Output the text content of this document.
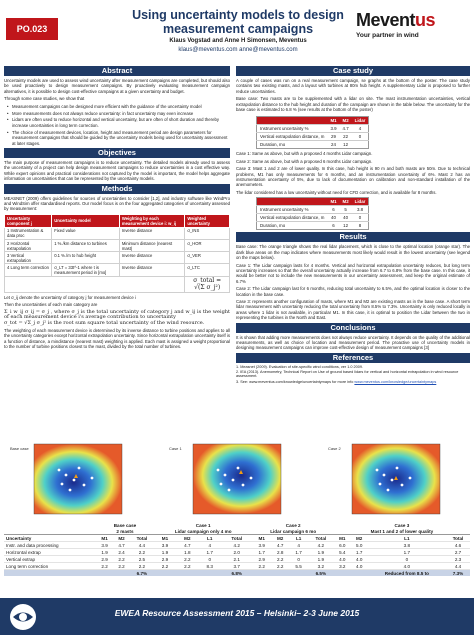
PO.023
Using uncertainty models to design measurement campaigns
Klaus Vogstad and Anne H Simonsen, Meventus
klaus@meventus.com anne@meventus.com
Meventus
Your partner in wind
Abstract

Uncertainty models are used to assess wind uncertainty after measurement campaigns are completed, but should also be used proactively to design measurement campaigns. By proactively evaluating measurement campaign alternatives, it is possible to design cost-effective campaigns at a given uncertainty and budget.

Through some case studies, we show that

• Measurement campaigns can be designed more efficient with the guidance of the uncertainty model
• More measurements does not always reduce uncertainty: in fact uncertainty may even increase
• Lidars are often used to reduce horizontal and vertical uncertainty, but are often of short duration and thereby increase uncertainties in long term correction.
• The choice of measurement devices, location, height and measurement period are design parameters for measurement campaigns that should be guided by the uncertainty models being used for uncertainty assessment at later stages.
Objectives

The main purpose of measurement campaigns is to reduce uncertainty. The detailed models already used to assess the uncertainty of a project can help design measurement campaigns to reduce uncertainties in a cost effective way. While expert opinions and practical considerations not captured by the model is important, the model helps aggregate information on uncertainties that can be represented by the uncertainty models.

Methods

MEASNET (2009) offers guidelines for sources of uncertainties to consider [1,2], and industry software like WindPro and WindSim offer standardised reports. Our model focus is on the four aggregated categories of uncertainty assessed by measurement:

Uncertainty component j	Uncertainty model	Weighting by each measurement device i: w_ij	Weighted uncertainty
1 Instrumentation & data proc	Fixed value	Inverse distance	σ_INS
2 Horizontal extrapolation	1 %./km distance to turbines	Minimum distance (nearest mast)	σ_HOR
3 Vertical extrapolation	0.1 %./m to hub height	Inverse distance	σ_VER
4 Long term correction	σ_LT = 33t^-1 where t is measurement period in [mo]	Inverse distance	σ_LTC
			σ_total = √(Σ σ_j²)

Let σ_ij denote the uncertainty of category j for measurement device i

Then the uncertainties of each main category are

Σ_i w_ij σ_ij = σ_j , where σ_j is the total uncertainty of category j and w_ij is the weight of each measurement device i's average contribution to uncertainty

σ_tot = √Σ_j σ_j² is the root sum square total uncertainty of the wind resource.

The weighting of each measurement device is determined by its inverse distance to turbine positions and applies to all the uncertainty categories except horizontal extrapolation uncertainty. Since horizontal extrapolation uncertainty itself is a function of distance, a mindistance (nearest mast) weighting is applied. Each mast is assigned a weight proportional to the number of turbine positions closest to the mast, divided by the total number of turbines.

Case study

A couple of cases was run on a real measurement campaign, se graphs at the bottom of the poster. The case study contains two existing masts, and a layout with turbines at 80m hub height. A supplementary Lidar is proposed to further reduce uncertainties.

Base case: Two masts are to be supplemented with a lidar on site. The mast instrumentation uncertainties, vertical extrapolation distance to the hub height and duration of the campaign are shown in the table below. The uncertainty for the base case is estimated to 6.8 % (see results at the bottom of the poster)

	M1	M2	Lidar
Instrument uncertainty %	3.9	4.7	4
Vertical extrapolation distance, m	29	22	0
Duration, mo	24	12	

Case 1: Same as above, but with a proposed 4 months Lidar campaign.

Case 2: Same as above, but with a proposed 6 months Lidar campaign.

Case 3: Mast 1 and 2 are of lower quality. In this case, hub height is 90 m and both masts are 50m. Due to technical problems, M1 has only measurements for 6 months, and an instrumentation uncertainty of 6%. Mast 2 has an instrumentation uncertainty of 5%, due to lack of documentation on calibration and non-standard installation of the anemometers.

The lidar considered has a low uncertainty without need for CFD correction, and is available for 8 months.

	M1	M2	Lidar
Instrument uncertainty %	6	5	3.8
Vertical extrapolation distance, m	40	40	0
Duration, mo	6	12	8
Results

Base case: The orange triangle shows the real lidar placement, which is close to the optimal location (orange star). The dark blue areas on the map indicates where measurements most likely would result in the lowest uncertainty (see legend on the maps below).

Case 1: The Lidar campaign lasts for 4 months. Vertical and horizontal extrapolation uncertainty reduces, but long term uncertainty increases so that the overall uncertainty actually increase from 6.7 to 6.8% from the base case. In this case, it would be better not to include the new measurements in our uncertainty assessment, and keep the original estimate of 6.7%

Case 2: The Lidar campaign last for 6 months, reducing total uncertainty to 6.5%, and the optimal location is closer to the location in the base case.

Case 3: represents another configuration of masts, where M1 and M2 are existing masts as in the base case. A short term lidar measurement with uncertainty reducing the total uncertainty from 8.5% to 7.3%. Uncertainty is only reduced locally in areas where 1 lidar is not available, in particular M1. In this case, it is optimal to position the Lidar between the two in representing the turbines in the North and East.

Conclusions

It is shown that adding more measurements does not always reduce uncertainty. It depends on the quality of the additional measurements, as well as choice of location and measurement period. The proactive use of uncertainty models in designing measurement campaigns can improve cost-effective design of measurement campaigns [3]

References
1. Measnet (2009). Evaluation of site-specific wind conditions, ver 1.0 2009.
2. IEA (2013). Anemometry, Technical Report on Use of ground based lidars for vertical and horizontal extrapolation in wind resource assessment.
3. See: www.meventus.com/knowledge/uncertaintymaps for more info www.meventus.com/knowledge/uncertaintymaps
Base case	Case 1	Case 2
	Base case			Case 1				Case 2				Case 3			
	2 masts			Lidar campaign only 4 mo				Lidar campaign 6 mo				Mast 1 and 2 of lower quality			
Uncertainty	M1	M2	Total	M1	M2	L1	Total	M1	M2	L1	Total	M1	M2	L1	Total
Instr. and data processing	3.9	4.7	4.4	3.9	4.7	4	4.2	3.9	4.7	4	4.2	6.0	5.0	3.8	4.6
Horizontal extrap	1.9	2.4	2.2	1.9	1.8	1.7	2.0	1.7	2.8	1.7	1.9	5.4	1.7	1.7	2.7
Vertical extrap	2.9	2.2	2.5	2.9	2.2	0	2.1	2.9	2.2	0	1.9	4.0	4.0	0	2.3
Long term correction	2.2	2.2	2.2	2.2	2.2	8.3	3.7	2.2	2.2	5.5	3.2	3.2	4.0	4.0	4.4
			6.7%				6.8%				6.5%			Reduced from 8.5 to	7.3%
EWEA Resource Assessment 2015 – Helsinki– 2-3 June 2015
